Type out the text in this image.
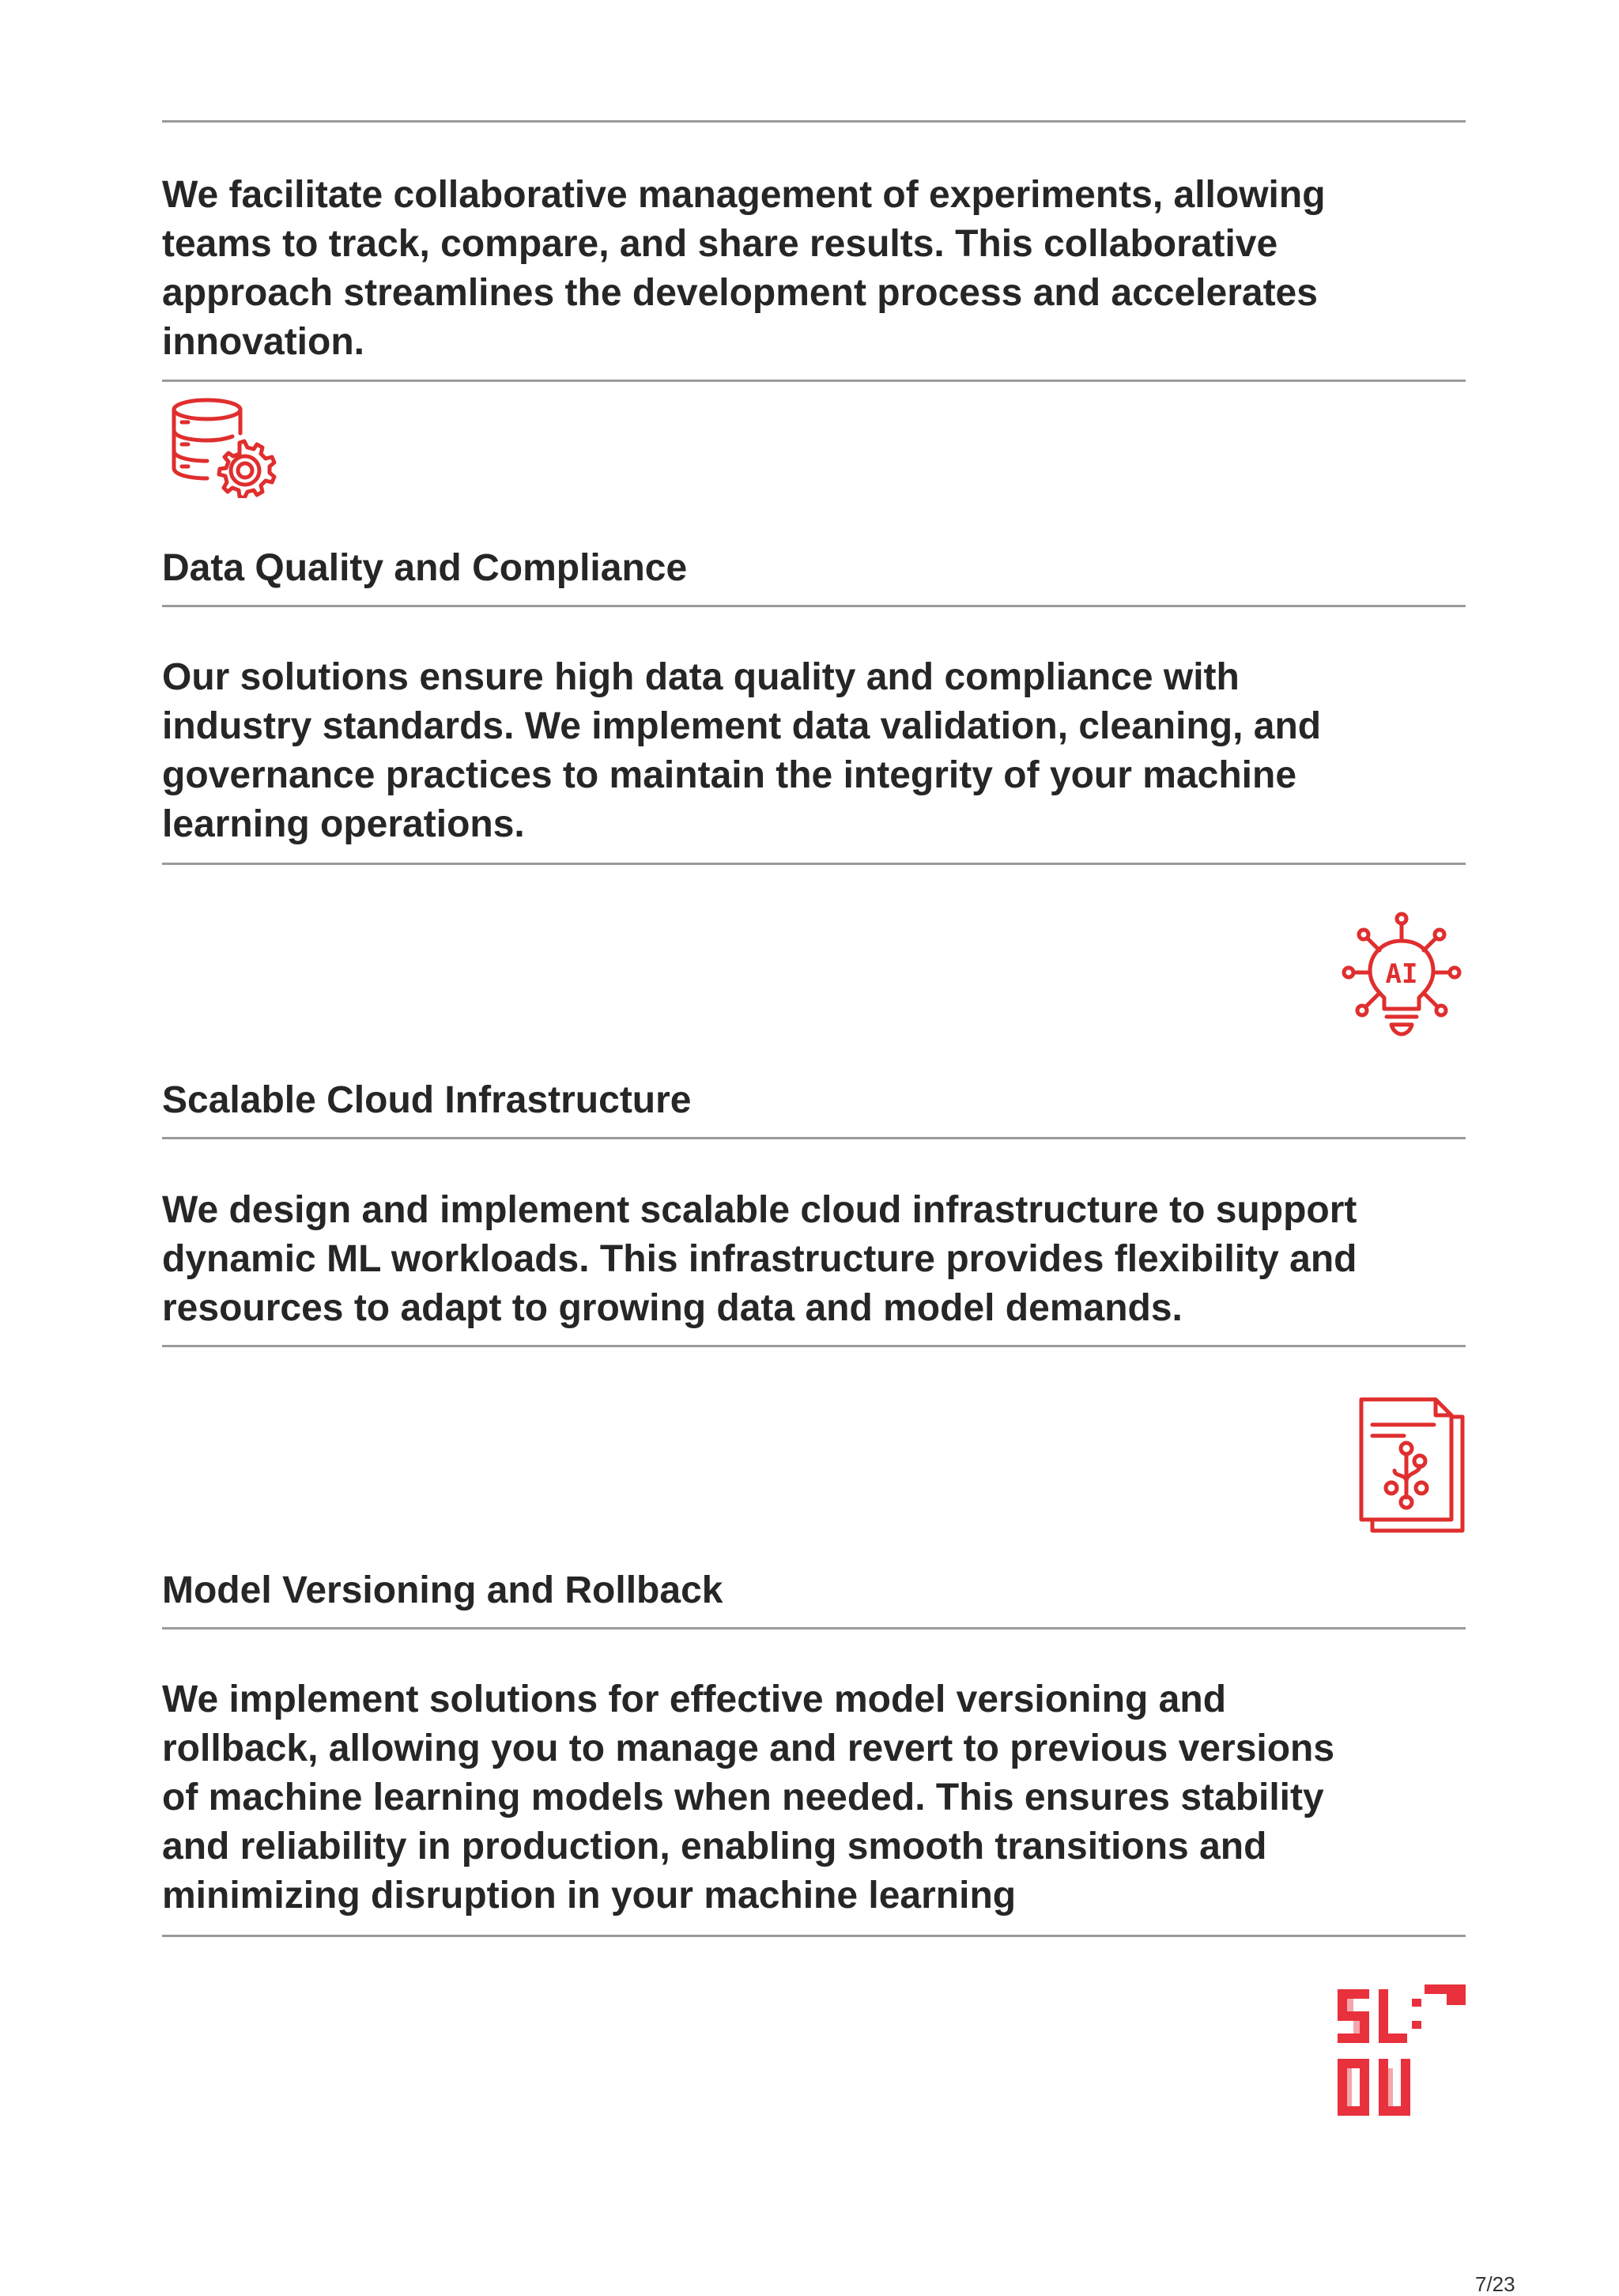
We facilitate collaborative management of experiments, allowing
teams to track, compare, and share results. This collaborative
approach streamlines the development process and accelerates
innovation.

Data Quality and Compliance

Our solutions ensure high data quality and compliance with
industry standards. We implement data validation, cleaning, and
governance practices to maintain the integrity of your machine
learning operations.

AI
Scalable Cloud Infrastructure

We design and implement scalable cloud infrastructure to support
dynamic ML workloads. This infrastructure provides flexibility and
resources to adapt to growing data and model demands.

Model Versioning and Rollback

We implement solutions for effective model versioning and
rollback, allowing you to manage and revert to previous versions
of machine learning models when needed. This ensures stability
and reliability in production, enabling smooth transitions and
minimizing disruption in your machine learning

7/23
